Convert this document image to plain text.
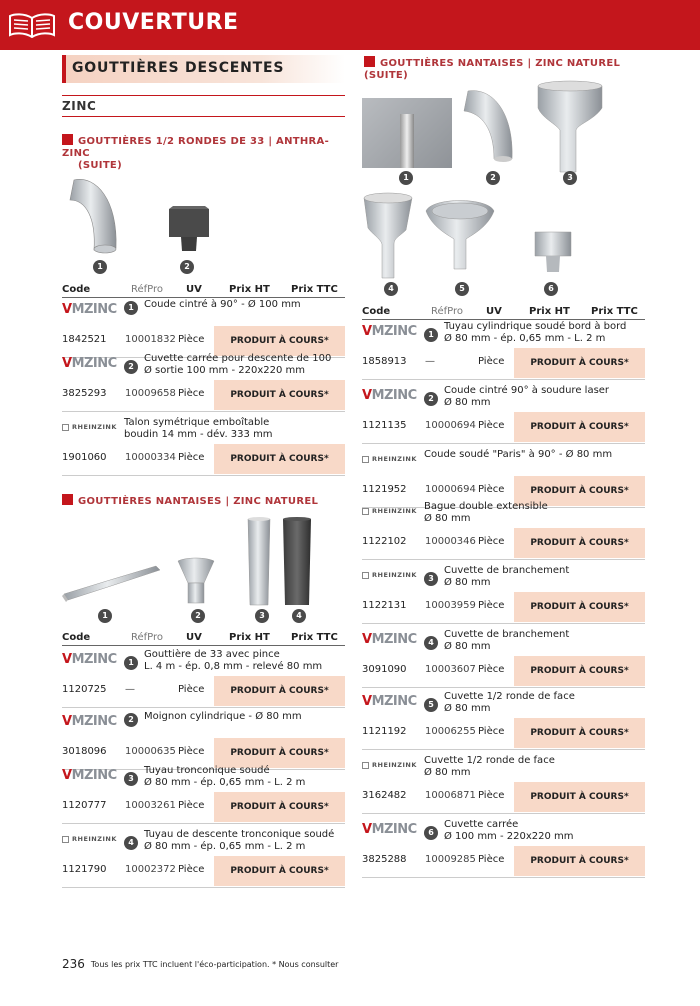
COUVERTURE
GOUTTIÈRES DESCENTES
ZINC
GOUTTIÈRES 1/2 RONDES DE 33 | ANTHRA-ZINC
(SUITE)
1	2
Code	RéfPro UV	Prix HT Prix TTC
V MZINC	1	Coude cintré à 90° - Ø 100 mm
1842521 10001832 Pièce	PRODUIT À COURS*
V MZINC	2
Cuvette carrée pour descente de 100
Ø sortie 100 mm - 220x220 mm
3825293 10009658 Pièce	PRODUIT À COURS*
RHEINZINK Talon symétrique emboîtable
boudin 14 mm - dév. 333 mm
1901060 10000334 Pièce	PRODUIT À COURS*
GOUTTIÈRES NANTAISES | ZINC NATUREL
1	2	3	4
Code	RéfPro UV	Prix HT Prix TTC
V MZINC	1
Gouttière de 33 avec pince
L. 4 m - ép. 0,8 mm - relevé 80 mm
1120725 —	Pièce	PRODUIT À COURS*
V MZINC	2	Moignon cylindrique - Ø 80 mm
3018096 10000635 Pièce	PRODUIT À COURS*
V MZINC	3
Tuyau tronconique soudé
Ø 80 mm - ép. 0,65 mm - L. 2 m
1120777 10003261 Pièce	PRODUIT À COURS*
RHEINZINK	4
Tuyau de descente tronconique soudé
Ø 80 mm - ép. 0,65 mm - L. 2 m
1121790 10002372 Pièce	PRODUIT À COURS*
GOUTTIÈRES NANTAISES | ZINC NATUREL (SUITE)
1	2	3
4	5	6
Code	RéfPro UV	Prix HT Prix TTC
V MZINC	1
Tuyau cylindrique soudé bord à bord
Ø 80 mm - ép. 0,65 mm - L. 2 m
1858913 —	Pièce	PRODUIT À COURS*
V MZINC	2
Coude cintré 90° à soudure laser
Ø 80 mm
1121135 10000694 Pièce	PRODUIT À COURS*
RHEINZINK Coude soudé "Paris" à 90° - Ø 80 mm
1121952 10000694 Pièce	PRODUIT À COURS*
RHEINZINK Bague double extensible
Ø 80 mm
1122102 10000346 Pièce	PRODUIT À COURS*
RHEINZINK	3
Cuvette de branchement
Ø 80 mm
1122131 10003959 Pièce	PRODUIT À COURS*
V MZINC	4
Cuvette de branchement
Ø 80 mm
3091090 10003607 Pièce	PRODUIT À COURS*
V MZINC	5
Cuvette 1/2 ronde de face
Ø 80 mm
1121192 10006255 Pièce	PRODUIT À COURS*
RHEINZINK Cuvette 1/2 ronde de face
Ø 80 mm
3162482 10006871 Pièce	PRODUIT À COURS*
V MZINC	6
Cuvette carrée
Ø 100 mm - 220x220 mm
3825288 10009285 Pièce	PRODUIT À COURS*
236 Tous les prix TTC incluent l'éco-participation. * Nous consulter
